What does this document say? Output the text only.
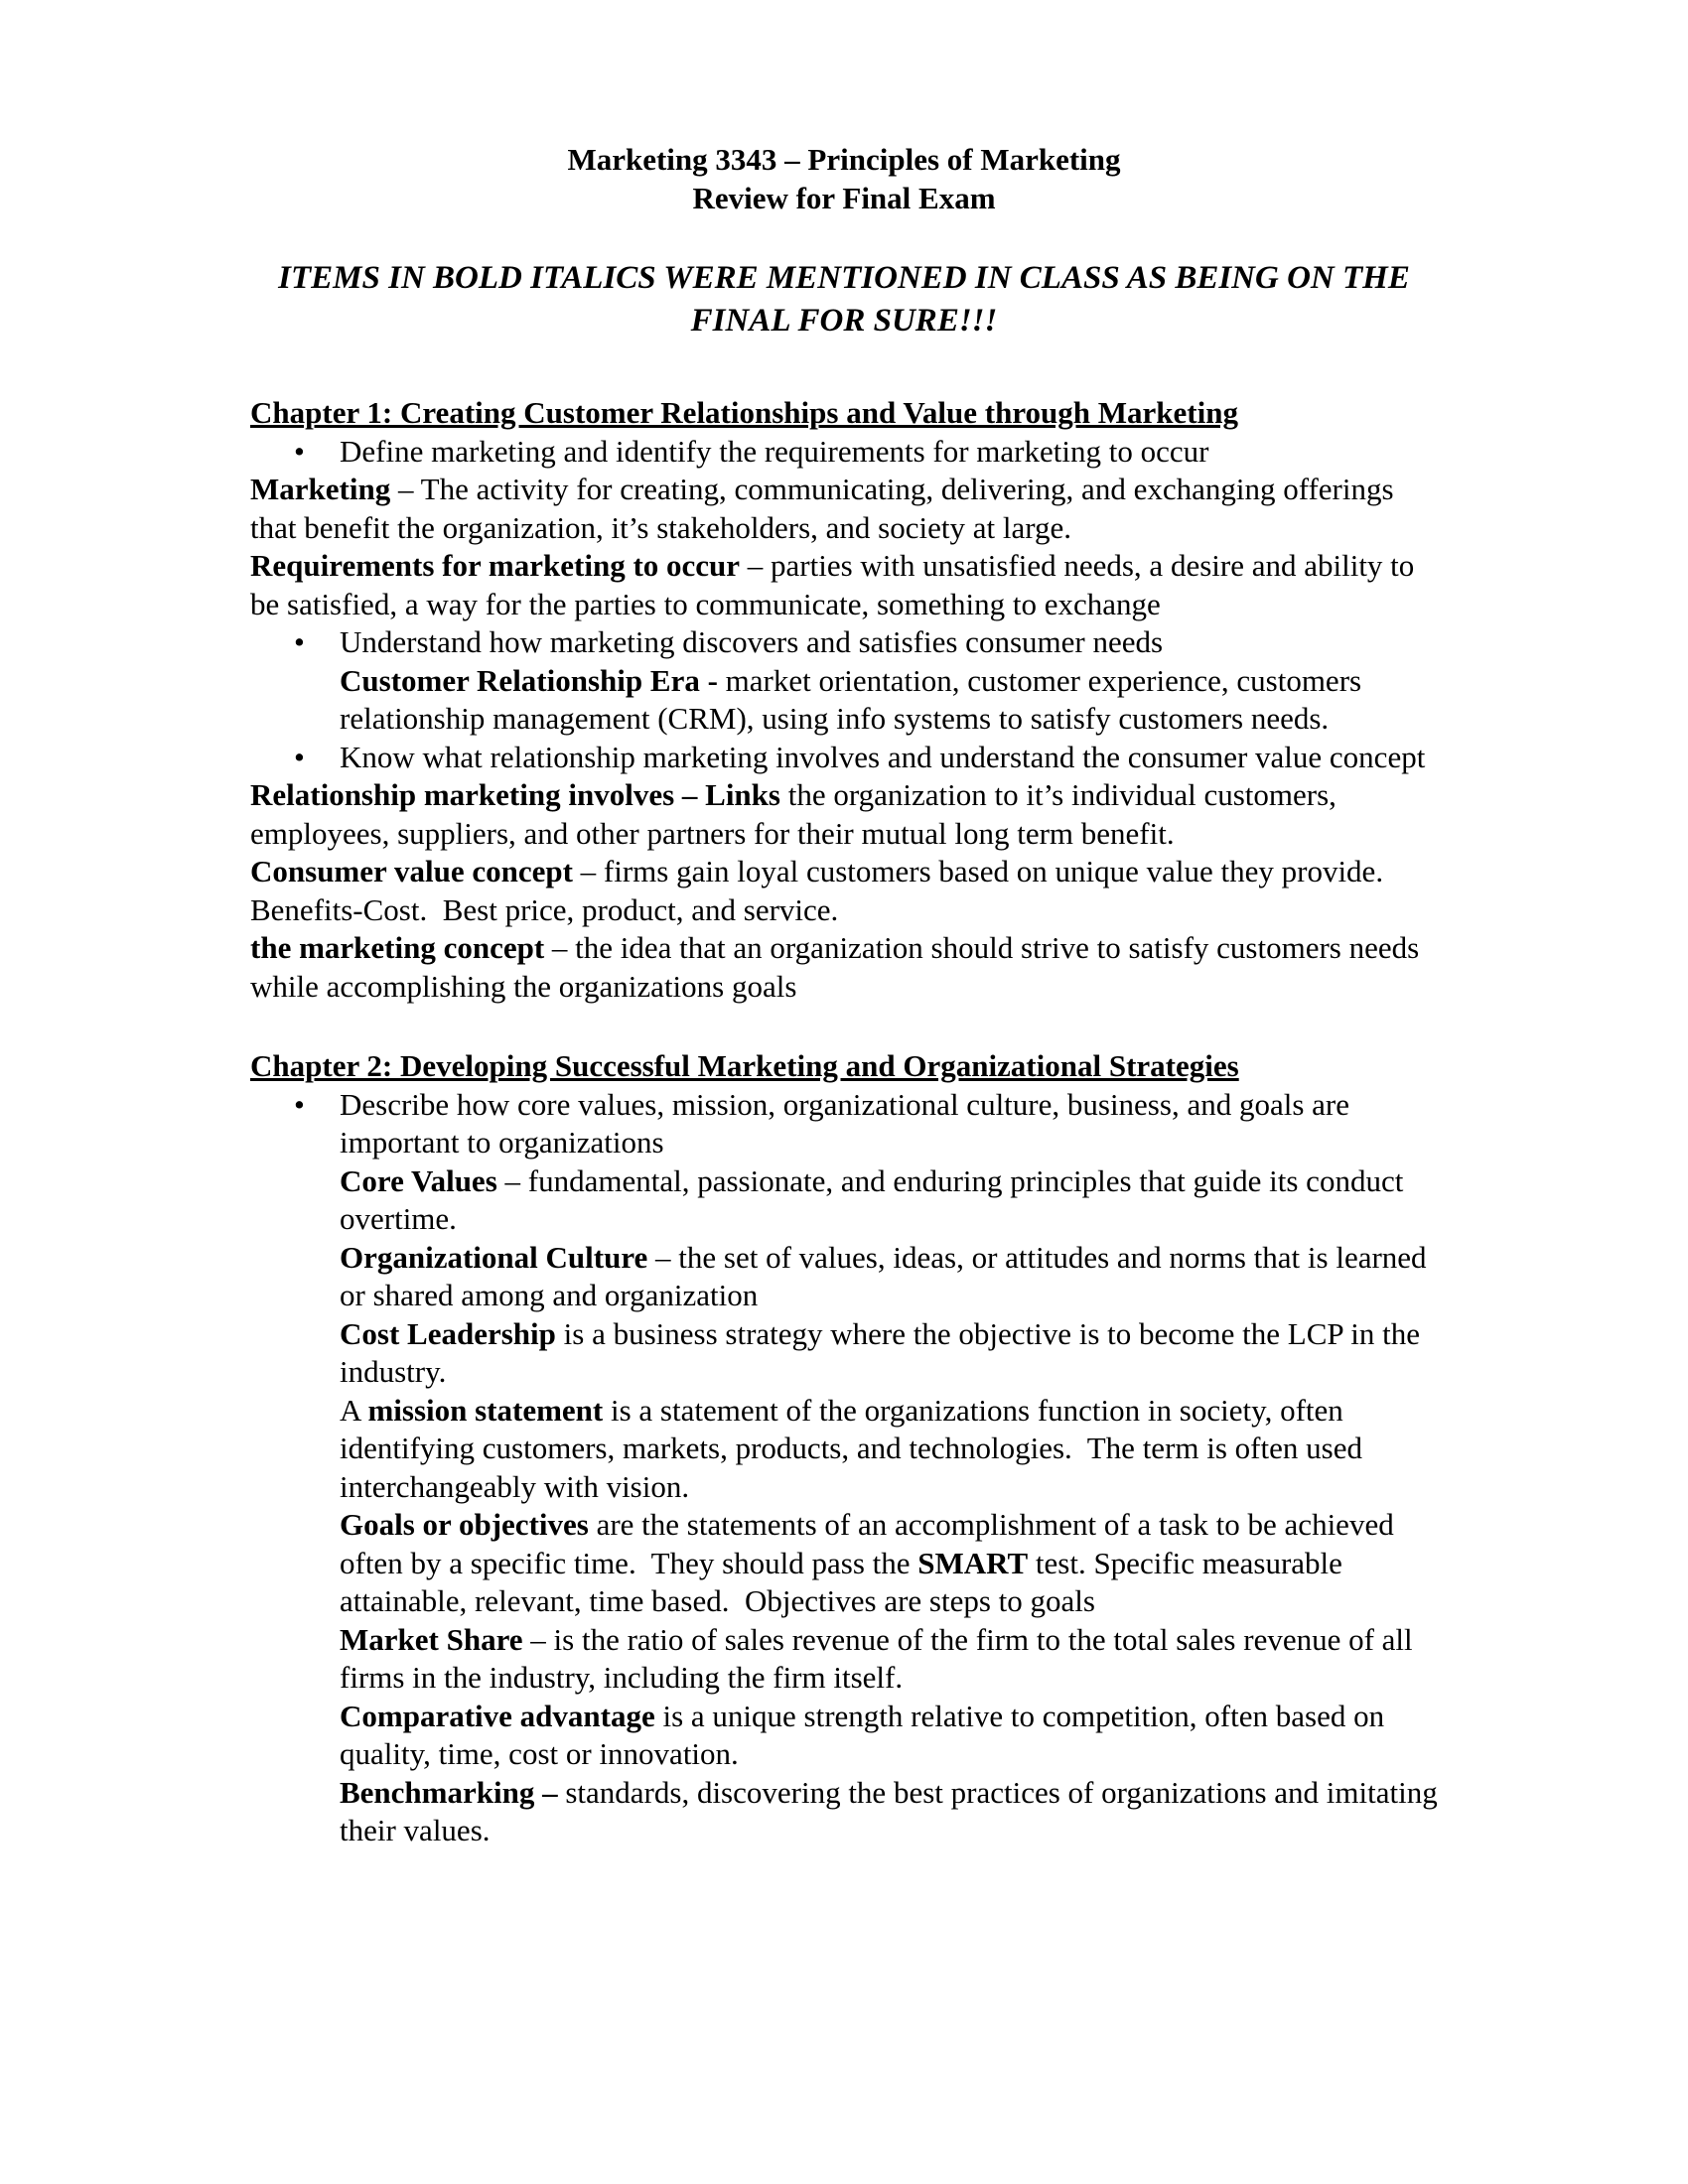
Marketing 3343 – Principles of Marketing
Review for Final Exam
ITEMS IN BOLD ITALICS WERE MENTIONED IN CLASS AS BEING ON THE
FINAL FOR SURE!!!
Chapter 1: Creating Customer Relationships and Value through Marketing
• Define marketing and identify the requirements for marketing to occur
Marketing – The activity for creating, communicating, delivering, and exchanging offerings that benefit the organization, it’s stakeholders, and society at large.
Requirements for marketing to occur – parties with unsatisfied needs, a desire and ability to be satisfied, a way for the parties to communicate, something to exchange
• Understand how marketing discovers and satisfies consumer needs
Customer Relationship Era - market orientation, customer experience, customers relationship management (CRM), using info systems to satisfy customers needs.
• Know what relationship marketing involves and understand the consumer value concept
Relationship marketing involves – Links the organization to it’s individual customers, employees, suppliers, and other partners for their mutual long term benefit.
Consumer value concept – firms gain loyal customers based on unique value they provide.  Benefits-Cost.  Best price, product, and service.
the marketing concept – the idea that an organization should strive to satisfy customers needs while accomplishing the organizations goals
Chapter 2: Developing Successful Marketing and Organizational Strategies
• Describe how core values, mission, organizational culture, business, and goals are important to organizations
Core Values – fundamental, passionate, and enduring principles that guide its conduct overtime.
Organizational Culture – the set of values, ideas, or attitudes and norms that is learned or shared among and organization
Cost Leadership is a business strategy where the objective is to become the LCP in the industry.
A mission statement is a statement of the organizations function in society, often identifying customers, markets, products, and technologies.  The term is often used interchangeably with vision.
Goals or objectives are the statements of an accomplishment of a task to be achieved often by a specific time.  They should pass the SMART test. Specific measurable attainable, relevant, time based.  Objectives are steps to goals
Market Share – is the ratio of sales revenue of the firm to the total sales revenue of all firms in the industry, including the firm itself.
Comparative advantage is a unique strength relative to competition, often based on quality, time, cost or innovation.
Benchmarking – standards, discovering the best practices of organizations and imitating their values.
